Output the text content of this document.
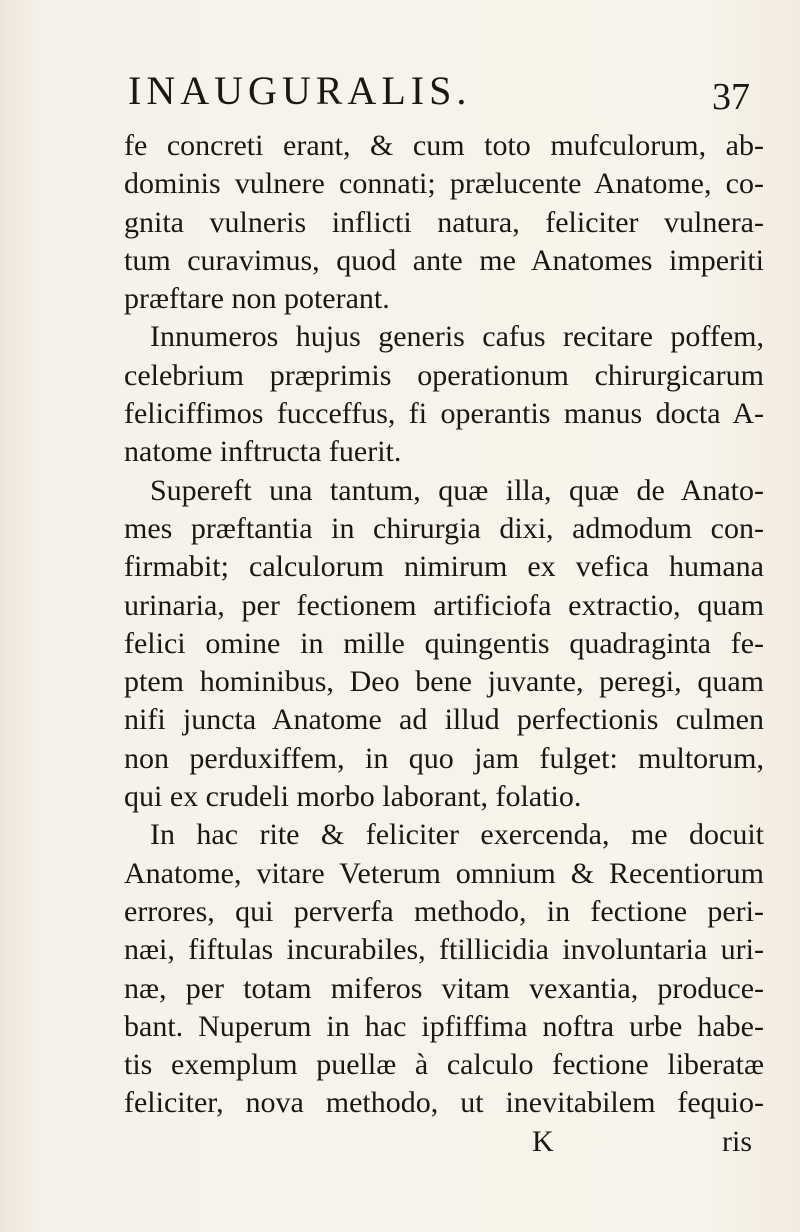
INAUGURALIS.	37
fe concreti erant, & cum toto mufculorum, ab-
dominis vulnere connati; prælucente Anatome, co-
gnita vulneris inflicti natura, feliciter vulnera-
tum curavimus, quod ante me Anatomes imperiti
præftare non poterant.
Innumeros hujus generis cafus recitare poffem,
celebrium præprimis operationum chirurgicarum
feliciffimos fucceffus, fi operantis manus docta A-
natome inftructa fuerit.
Supereft una tantum, quæ illa, quæ de Anato-
mes præftantia in chirurgia dixi, admodum con-
firmabit; calculorum nimirum ex vefica humana
urinaria, per fectionem artificiofa extractio, quam
felici omine in mille quingentis quadraginta fe-
ptem hominibus, Deo bene juvante, peregi, quam
nifi juncta Anatome ad illud perfectionis culmen
non perduxiffem, in quo jam fulget: multorum,
qui ex crudeli morbo laborant, folatio.
In hac rite & feliciter exercenda, me docuit
Anatome, vitare Veterum omnium & Recentiorum
errores, qui perverfa methodo, in fectione peri-
næi, fiftulas incurabiles, ftillicidia involuntaria uri-
næ, per totam miferos vitam vexantia, produce-
bant. Nuperum in hac ipfiffima noftra urbe habe-
tis exemplum puellæ à calculo fectione liberatæ
feliciter, nova methodo, ut inevitabilem fequio-
K	ris
